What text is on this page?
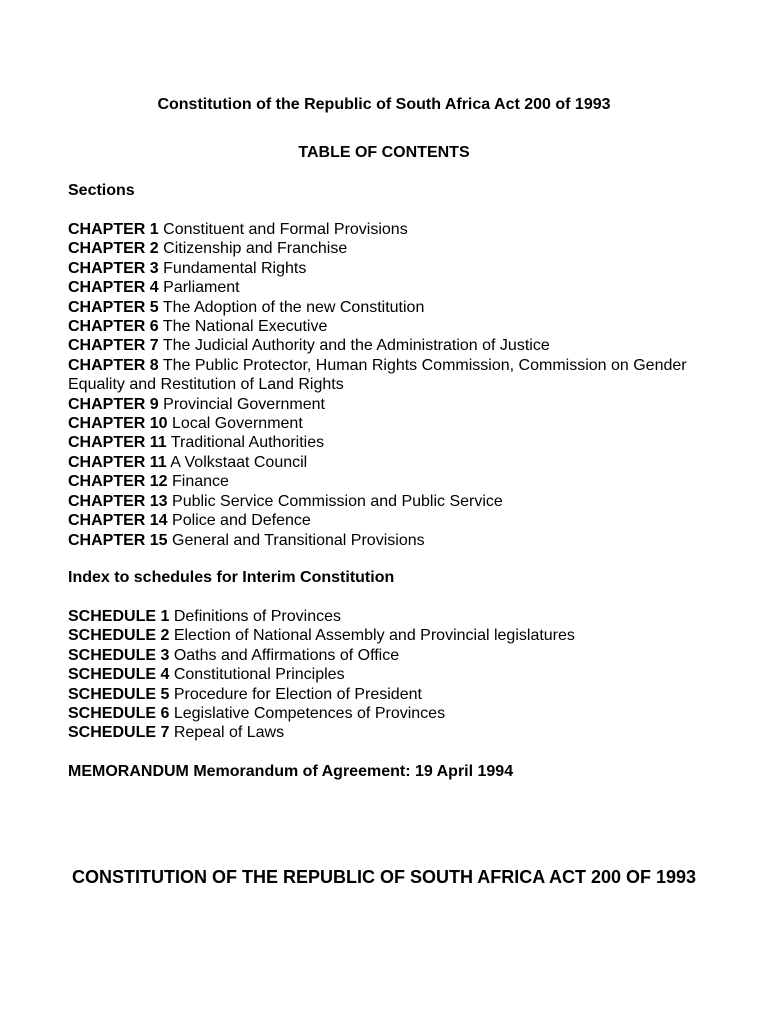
Constitution of the Republic of South Africa Act 200 of 1993
TABLE OF CONTENTS
Sections

CHAPTER 1 Constituent and Formal Provisions

CHAPTER 2 Citizenship and Franchise

CHAPTER 3 Fundamental Rights

CHAPTER 4 Parliament

CHAPTER 5 The Adoption of the new Constitution

CHAPTER 6 The National Executive

CHAPTER 7 The Judicial Authority and the Administration of Justice

CHAPTER 8 The Public Protector, Human Rights Commission, Commission on Gender Equality and Restitution of Land Rights

CHAPTER 9 Provincial Government

CHAPTER 10 Local Government

CHAPTER 11 Traditional Authorities

CHAPTER 11 A Volkstaat Council

CHAPTER 12 Finance

CHAPTER 13 Public Service Commission and Public Service

CHAPTER 14 Police and Defence

CHAPTER 15 General and Transitional Provisions

Index to schedules for Interim Constitution

SCHEDULE 1 Definitions of Provinces

SCHEDULE 2 Election of National Assembly and Provincial legislatures

SCHEDULE 3 Oaths and Affirmations of Office

SCHEDULE 4 Constitutional Principles

SCHEDULE 5 Procedure for Election of President

SCHEDULE 6 Legislative Competences of Provinces

SCHEDULE 7 Repeal of Laws

MEMORANDUM Memorandum of Agreement: 19 April 1994
CONSTITUTION OF THE REPUBLIC OF SOUTH AFRICA ACT 200 OF 1993
